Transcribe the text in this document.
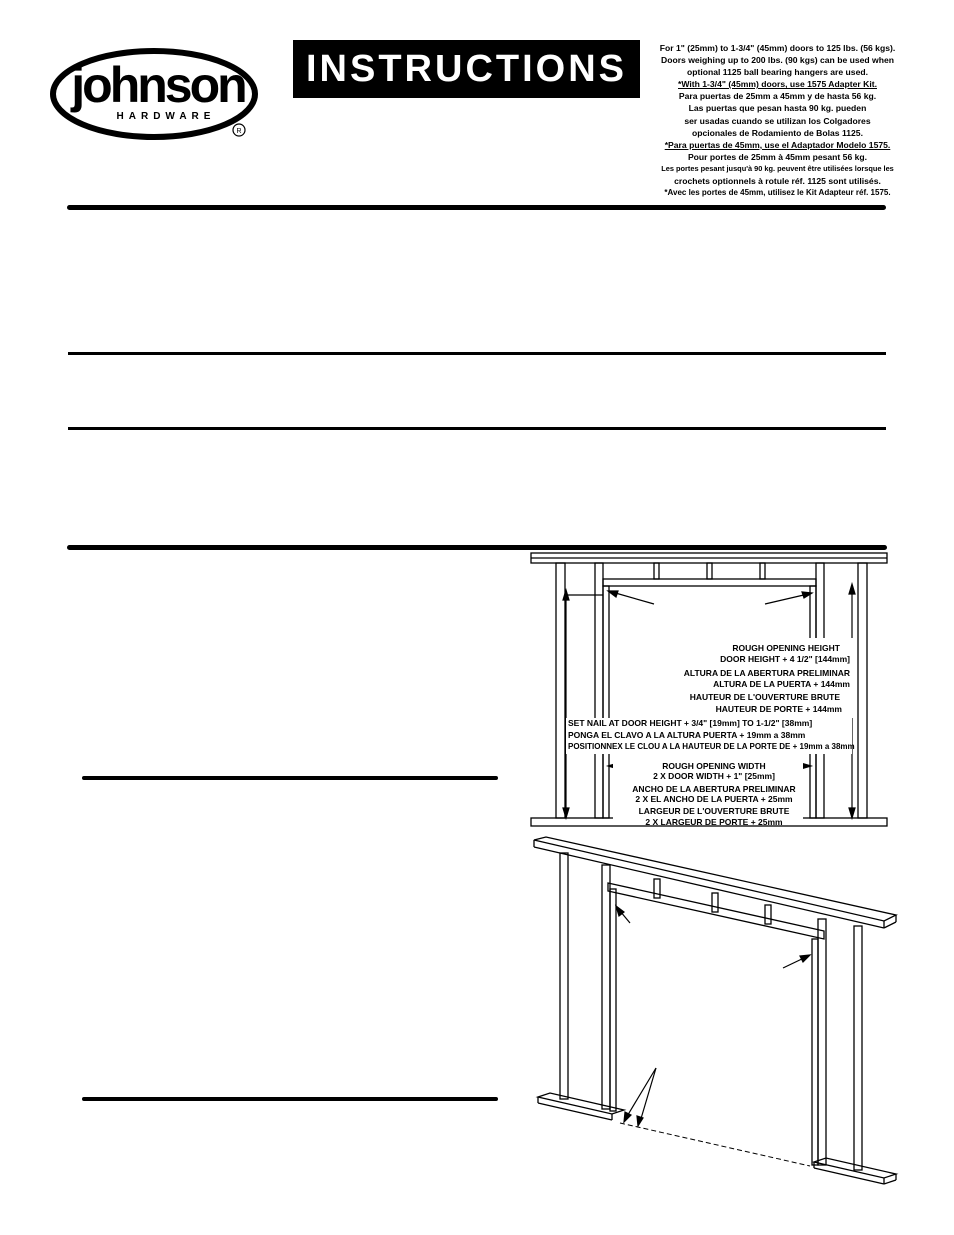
johnson
HARDWARE
R
INSTRUCTIONS	For 1" (25mm) to 1-3/4" (45mm) doors to 125 lbs. (56 kgs).
Doors weighing up to 200 lbs. (90 kgs) can be used when
optional 1125 ball bearing hangers are used.
*With 1-3/4" (45mm) doors, use 1575 Adapter Kit.
Para puertas de 25mm a 45mm y de hasta 56 kg.
Las puertas que pesan hasta 90 kg. pueden
ser usadas cuando se utilizan los Colgadores
opcionales de Rodamiento de Bolas 1125.
*Para puertas de 45mm, use el Adaptador Modelo 1575.
Pour portes de 25mm à 45mm pesant 56 kg.
Les portes pesant jusqu'à 90 kg. peuvent être utilisées lorsque les
crochets optionnels à rotule réf. 1125 sont utilisés.
*Avec les portes de 45mm, utilisez le Kit Adapteur réf. 1575.
ROUGH OPENING HEIGHT
DOOR HEIGHT + 4 1/2" [144mm]
ALTURA DE LA ABERTURA PRELIMINAR
ALTURA DE LA PUERTA + 144mm
HAUTEUR DE L'OUVERTURE BRUTE
HAUTEUR DE PORTE + 144mm
SET NAIL AT DOOR HEIGHT + 3/4" [19mm] TO 1-1/2" [38mm]
PONGA EL CLAVO A LA ALTURA PUERTA + 19mm a 38mm
POSITIONNEX LE CLOU A LA HAUTEUR DE LA PORTE DE + 19mm a 38mm
ROUGH OPENING WIDTH
2 X DOOR WIDTH + 1" [25mm]
ANCHO DE LA ABERTURA PRELIMINAR
2 X EL ANCHO DE LA PUERTA + 25mm
LARGEUR DE L'OUVERTURE BRUTE
2 X LARGEUR DE PORTE + 25mm
